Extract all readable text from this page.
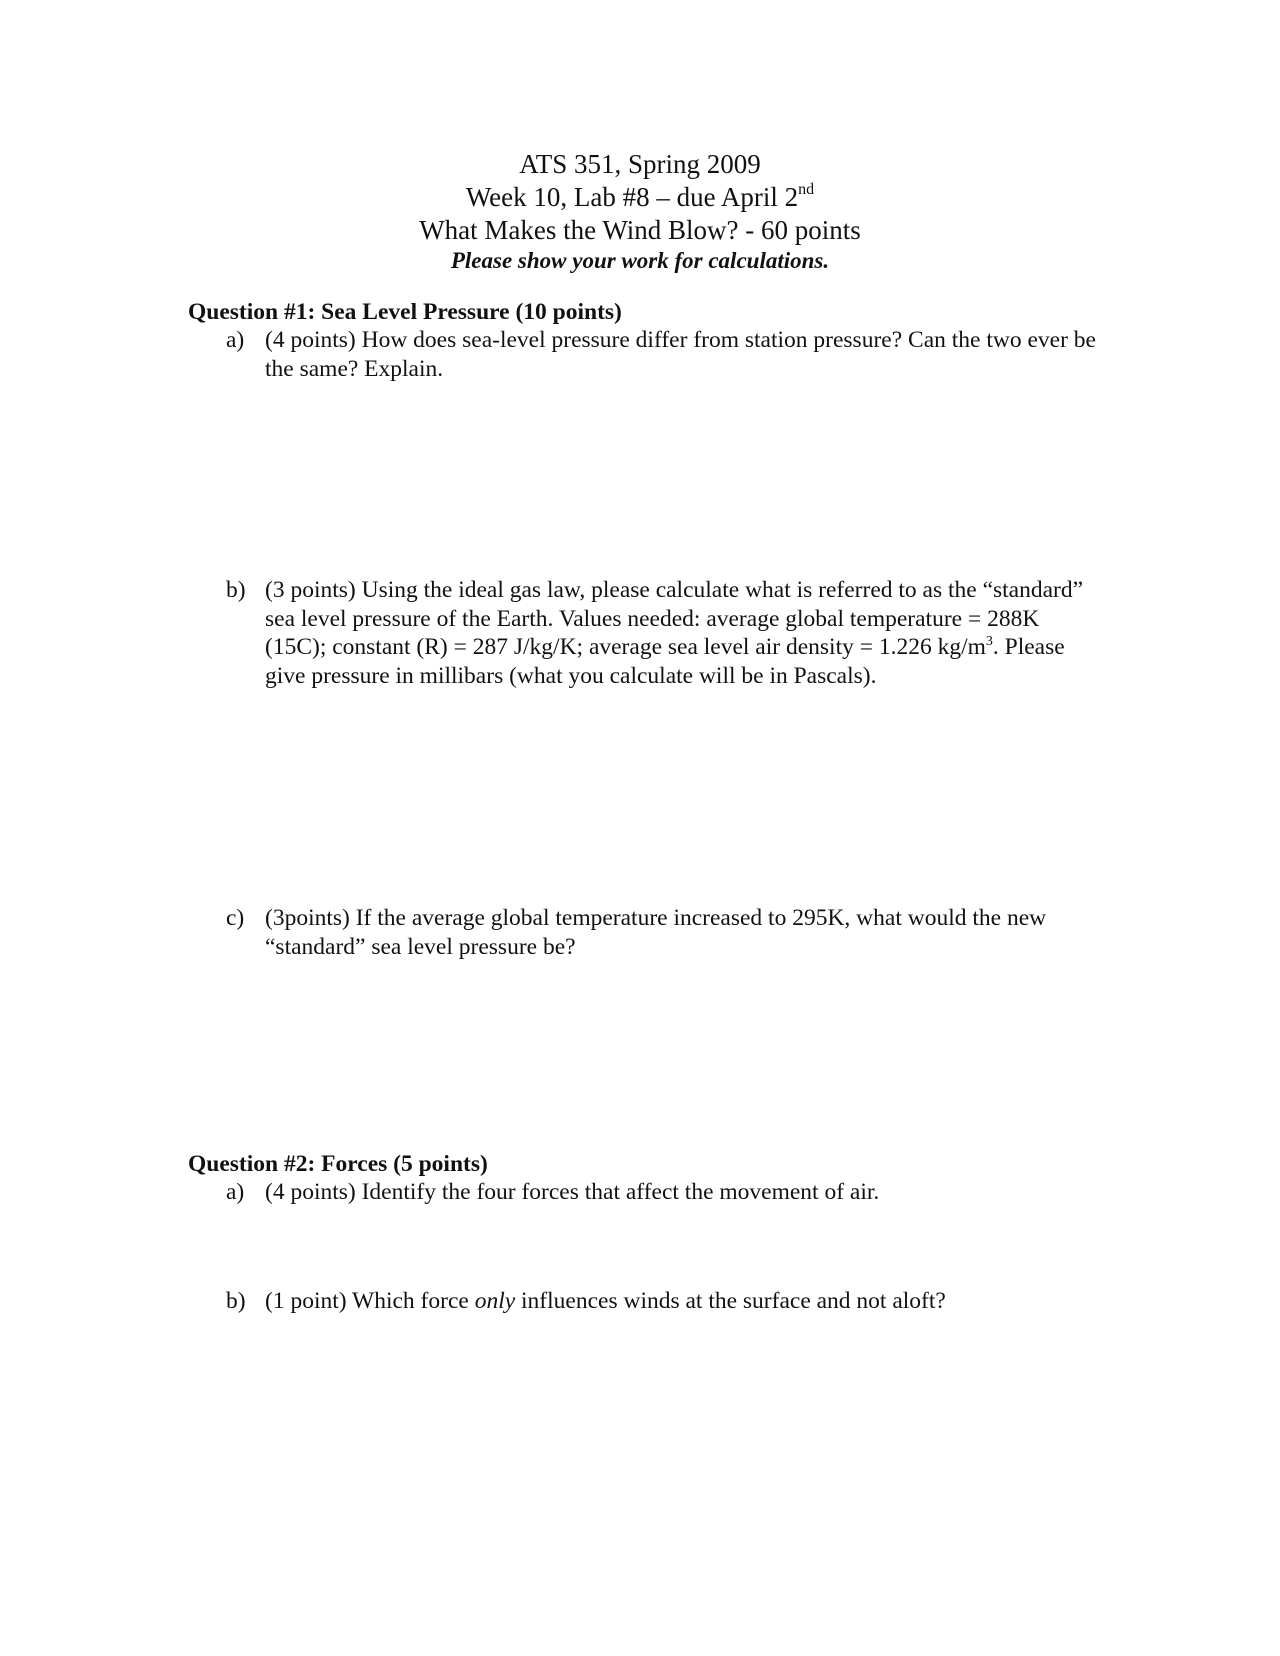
ATS 351, Spring 2009
Week 10, Lab #8 – due April 2nd
What Makes the Wind Blow? - 60 points
Please show your work for calculations.
Question #1: Sea Level Pressure (10 points)
a) (4 points) How does sea-level pressure differ from station pressure? Can the two ever be the same? Explain.
b) (3 points) Using the ideal gas law, please calculate what is referred to as the “standard” sea level pressure of the Earth. Values needed: average global temperature = 288K (15C); constant (R) = 287 J/kg/K; average sea level air density = 1.226 $kg/m^3$. Please give pressure in millibars (what you calculate will be in Pascals).
c) (3points) If the average global temperature increased to 295K, what would the new “standard” sea level pressure be?
Question #2: Forces (5 points)
a) (4 points) Identify the four forces that affect the movement of air.
b) (1 point) Which force only influences winds at the surface and not aloft?
